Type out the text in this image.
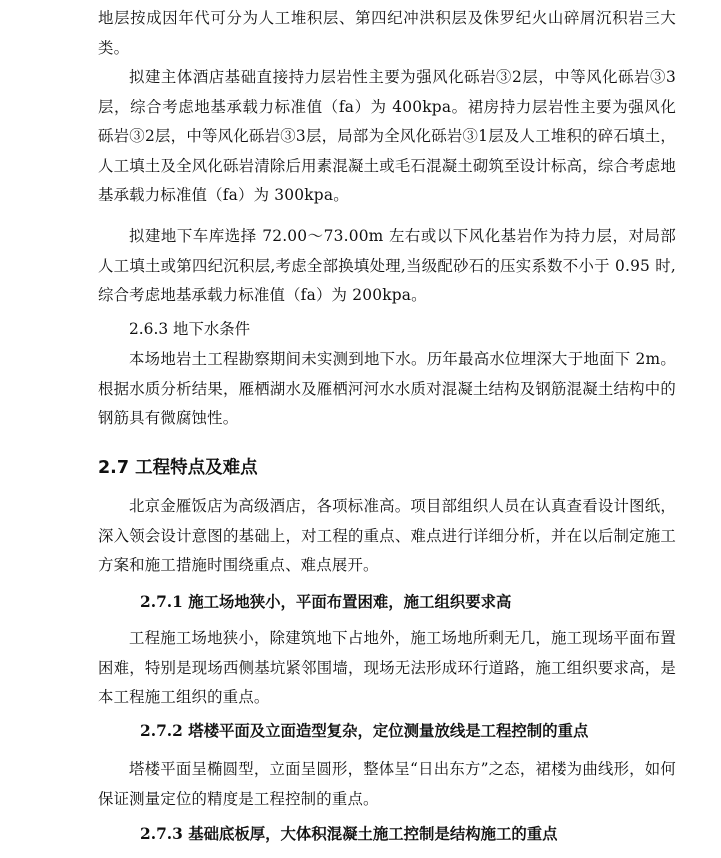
地层按成因年代可分为人工堆积层、第四纪冲洪积层及侏罗纪火山碎屑沉积岩三大类。

拟建主体酒店基础直接持力层岩性主要为强风化砾岩③2层，中等风化砾岩③3层，综合考虑地基承载力标准值（fa）为 400kpa。裙房持力层岩性主要为强风化砾岩③2层，中等风化砾岩③3层，局部为全风化砾岩③1层及人工堆积的碎石填土，人工填土及全风化砾岩清除后用素混凝土或毛石混凝土砌筑至设计标高，综合考虑地基承载力标准值（fa）为 300kpa。

拟建地下车库选择 72.00～73.00m 左右或以下风化基岩作为持力层，对局部人工填土或第四纪沉积层,考虑全部换填处理,当级配砂石的压实系数不小于 0.95 时,综合考虑地基承载力标准值（fa）为 200kpa。

2.6.3 地下水条件

本场地岩土工程勘察期间未实测到地下水。历年最高水位埋深大于地面下 2m。根据水质分析结果，雁栖湖水及雁栖河河水水质对混凝土结构及钢筋混凝土结构中的钢筋具有微腐蚀性。

2.7 工程特点及难点

北京金雁饭店为高级酒店，各项标准高。项目部组织人员在认真查看设计图纸，深入领会设计意图的基础上，对工程的重点、难点进行详细分析，并在以后制定施工方案和施工措施时围绕重点、难点展开。

2.7.1 施工场地狭小，平面布置困难，施工组织要求高

工程施工场地狭小，除建筑地下占地外，施工场地所剩无几，施工现场平面布置困难，特别是现场西侧基坑紧邻围墙，现场无法形成环行道路，施工组织要求高，是本工程施工组织的重点。

2.7.2 塔楼平面及立面造型复杂，定位测量放线是工程控制的重点

塔楼平面呈椭圆型，立面呈圆形，整体呈“日出东方”之态，裙楼为曲线形，如何保证测量定位的精度是工程控制的重点。

2.7.3 基础底板厚，大体积混凝土施工控制是结构施工的重点
